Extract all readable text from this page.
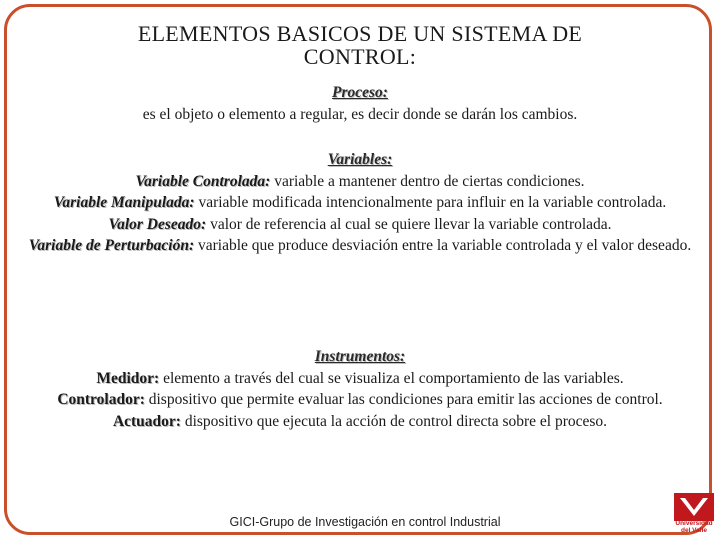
ELEMENTOS BASICOS DE UN SISTEMA DE
CONTROL:
Proceso:
es el objeto o elemento a regular, es decir donde se darán los cambios.
Variables:
Variable Controlada: variable a mantener dentro de ciertas condiciones.
Variable Manipulada: variable modificada intencionalmente para influir en la variable controlada.
Valor Deseado: valor de referencia al cual se quiere llevar la variable controlada.
Variable de Perturbación: variable que produce desviación entre la variable controlada y el valor deseado.
Instrumentos:
Medidor: elemento a través del cual se visualiza el comportamiento de las variables.
Controlador: dispositivo que permite evaluar las condiciones para emitir las acciones de control.
Actuador: dispositivo que ejecuta la acción de control directa sobre el proceso.
GICI-Grupo de Investigación en control Industrial	Universidad
del Valle
